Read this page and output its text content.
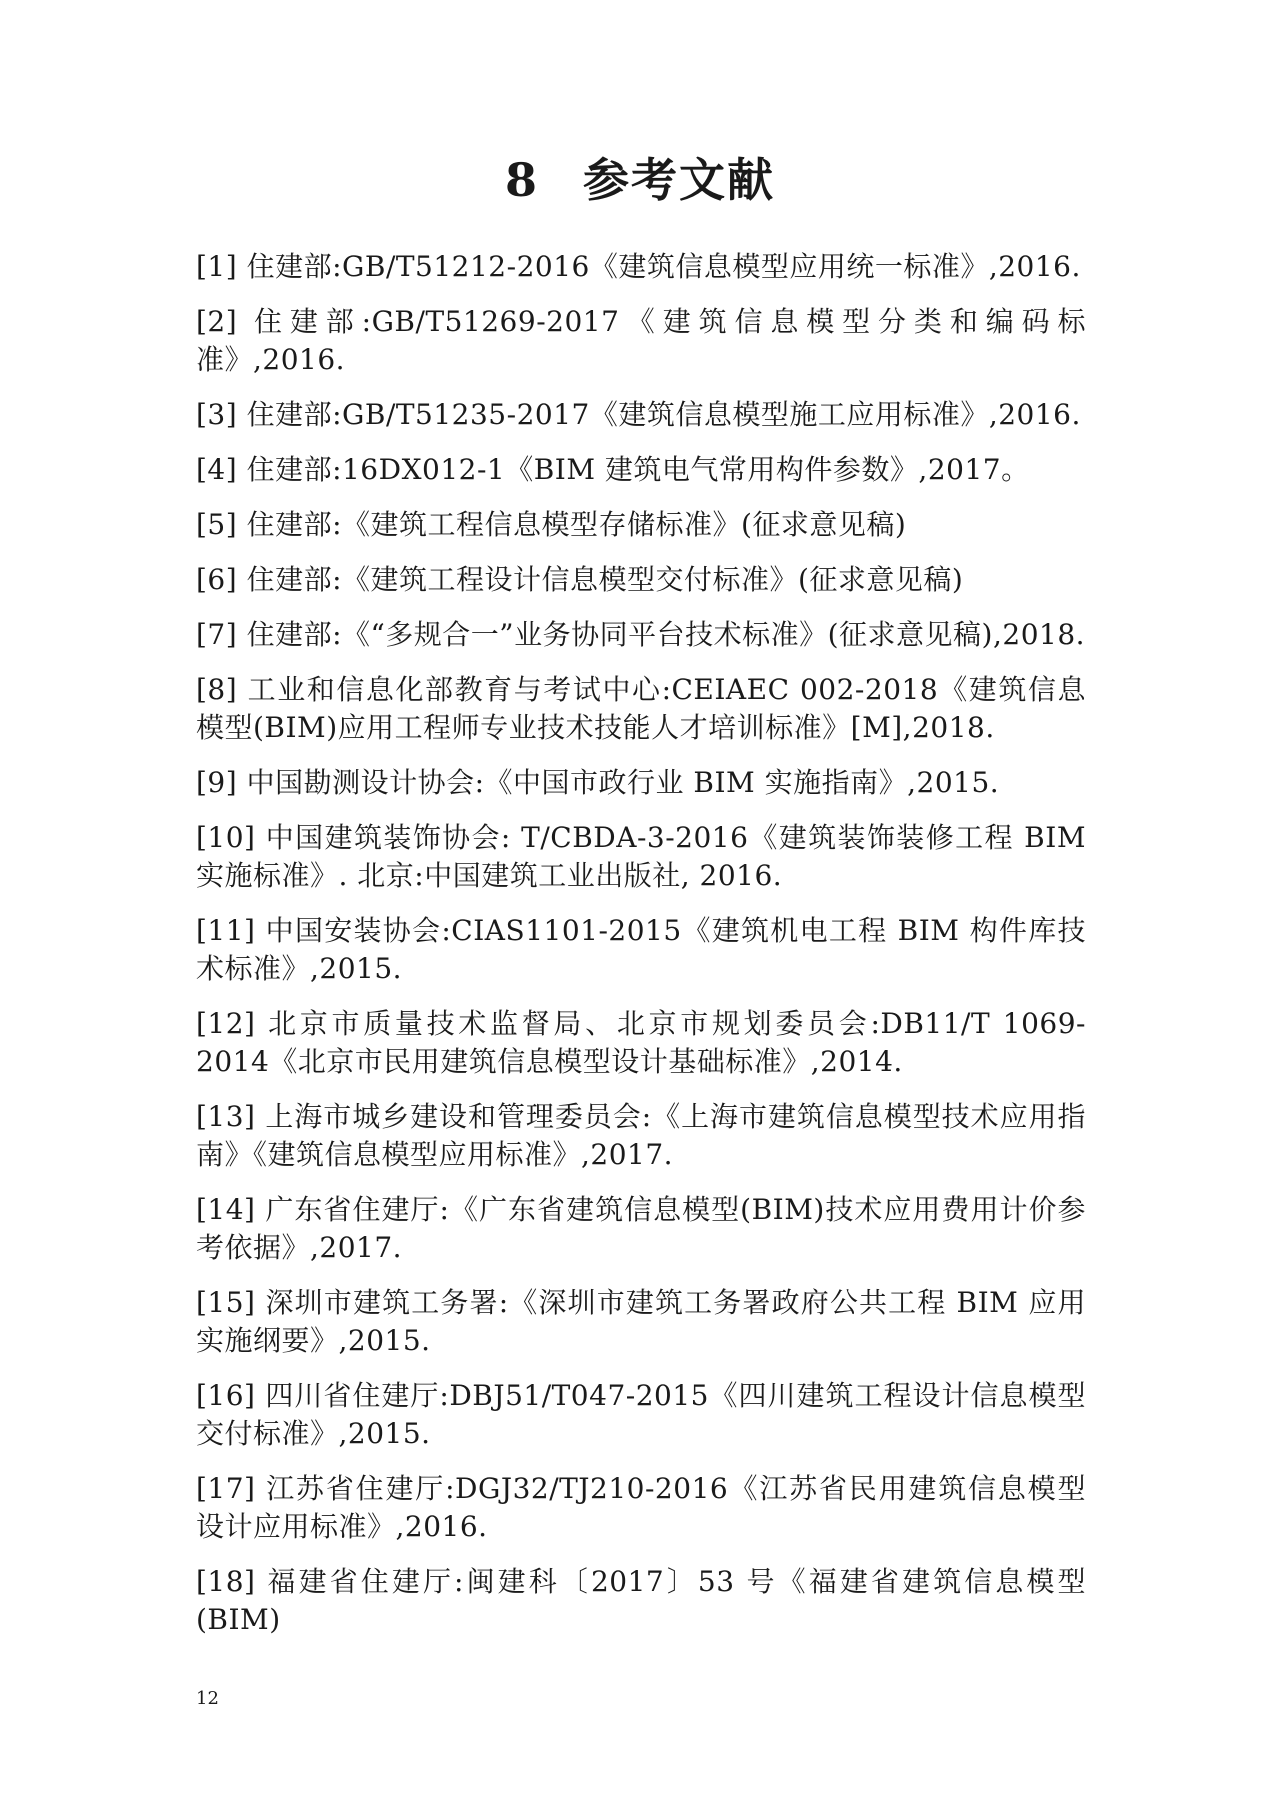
8 参考文献
[1] 住建部:GB/T51212-2016《建筑信息模型应用统一标准》,2016.
[2] 住建部:GB/T51269-2017《建筑信息模型分类和编码标准》,2016.
[3] 住建部:GB/T51235-2017《建筑信息模型施工应用标准》,2016.
[4] 住建部:16DX012-1《BIM 建筑电气常用构件参数》,2017。
[5] 住建部:《建筑工程信息模型存储标准》(征求意见稿)
[6] 住建部:《建筑工程设计信息模型交付标准》(征求意见稿)
[7] 住建部:《“多规合一”业务协同平台技术标准》(征求意见稿),2018.
[8] 工业和信息化部教育与考试中心:CEIAEC 002-2018《建筑信息模型(BIM)应用工程师专业技术技能人才培训标准》[M],2018.
[9] 中国勘测设计协会:《中国市政行业 BIM 实施指南》,2015.
[10] 中国建筑装饰协会: T/CBDA-3-2016《建筑装饰装修工程 BIM 实施标准》. 北京:中国建筑工业出版社, 2016.
[11] 中国安装协会:CIAS1101-2015《建筑机电工程 BIM 构件库技术标准》,2015.
[12] 北京市质量技术监督局、北京市规划委员会:DB11/T 1069-2014《北京市民用建筑信息模型设计基础标准》,2014.
[13] 上海市城乡建设和管理委员会:《上海市建筑信息模型技术应用指南》《建筑信息模型应用标准》,2017.
[14] 广东省住建厅:《广东省建筑信息模型(BIM)技术应用费用计价参考依据》,2017.
[15] 深圳市建筑工务署:《深圳市建筑工务署政府公共工程 BIM 应用实施纲要》,2015.
[16] 四川省住建厅:DBJ51/T047-2015《四川建筑工程设计信息模型交付标准》,2015.
[17] 江苏省住建厅:DGJ32/TJ210-2016《江苏省民用建筑信息模型设计应用标准》,2016.
[18] 福建省住建厅:闽建科〔2017〕53 号《福建省建筑信息模型(BIM)
12
